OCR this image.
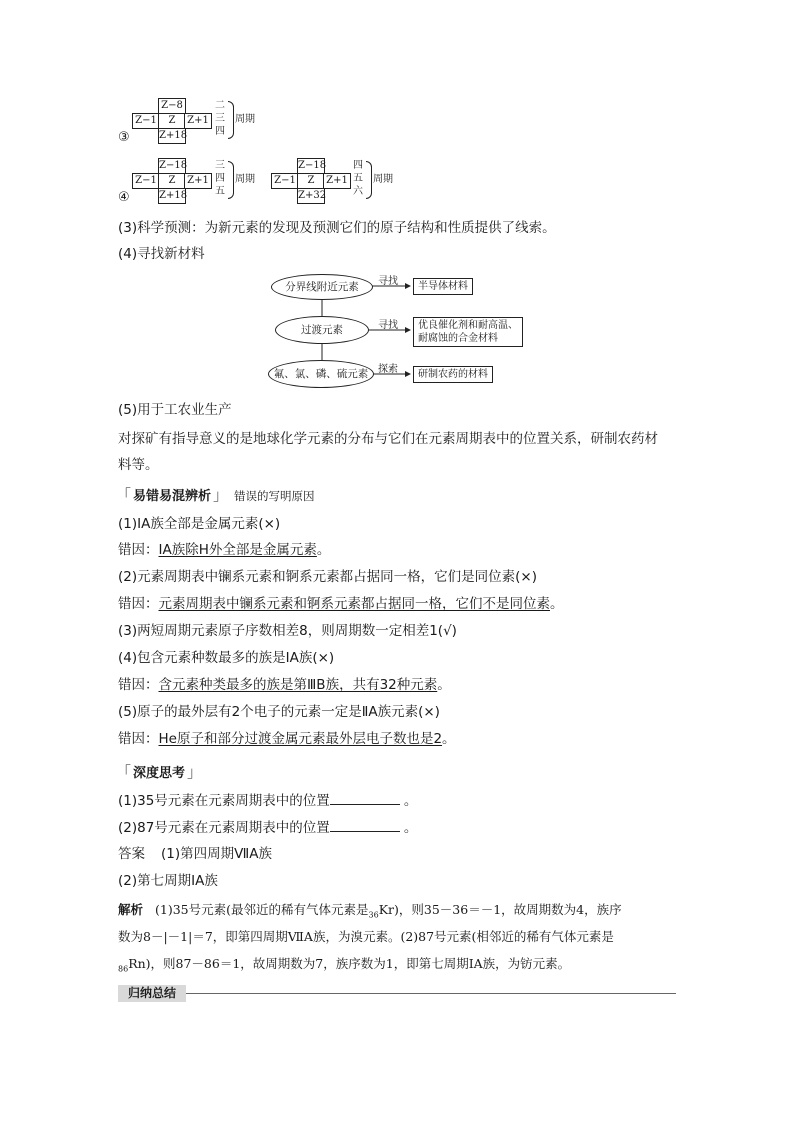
③
Z−8
Z−1	Z	Z+1
Z+18
二
三
四
周期
④
Z−18
Z−1	Z	Z+1
Z+18
三
四
五
周期
Z−18
Z−1	Z	Z+1
Z+32
四
五
六
周期
(3)科学预测：为新元素的发现及预测它们的原子结构和性质提供了线索。
(4)寻找新材料
分界线附近元素
过渡元素
氟、氯、磷、硫元素
寻找
寻找
探索
半导体材料
优良催化剂和耐高温、
耐腐蚀的合金材料
研制农药的材料
(5)用于工农业生产
对探矿有指导意义的是地球化学元素的分布与它们在元素周期表中的位置关系，研制农药材
料等。
「 易错易混辨析 」 错误的写明原因
(1)ⅠA族全部是金属元素(×)
错因：ⅠA族除H外全部是金属元素。
(2)元素周期表中镧系元素和锕系元素都占据同一格，它们是同位素(×)
错因：元素周期表中镧系元素和锕系元素都占据同一格，它们不是同位素。
(3)两短周期元素原子序数相差8，则周期数一定相差1(√)
(4)包含元素种数最多的族是ⅠA族(×)
错因：含元素种类最多的族是第ⅢB族，共有32种元素。
(5)原子的最外层有2个电子的元素一定是ⅡA族元素(×)
错因：He原子和部分过渡金属元素最外层电子数也是2。
「 深度思考 」
(1)35号元素在元素周期表中的位置	。
(2)87号元素在元素周期表中的位置	。
答案 (1)第四周期ⅦA族
(2)第七周期ⅠA族
解析 (1)35号元素(最邻近的稀有气体元素是$_{36}$Kr)，则35－36＝－1，故周期数为4，族序
数为8－|－1|＝7，即第四周期ⅦA族，为溴元素。(2)87号元素(相邻近的稀有气体元素是
$_{86}$Rn)，则87－86＝1，故周期数为7，族序数为1，即第七周期ⅠA族，为钫元素。
归纳总结
